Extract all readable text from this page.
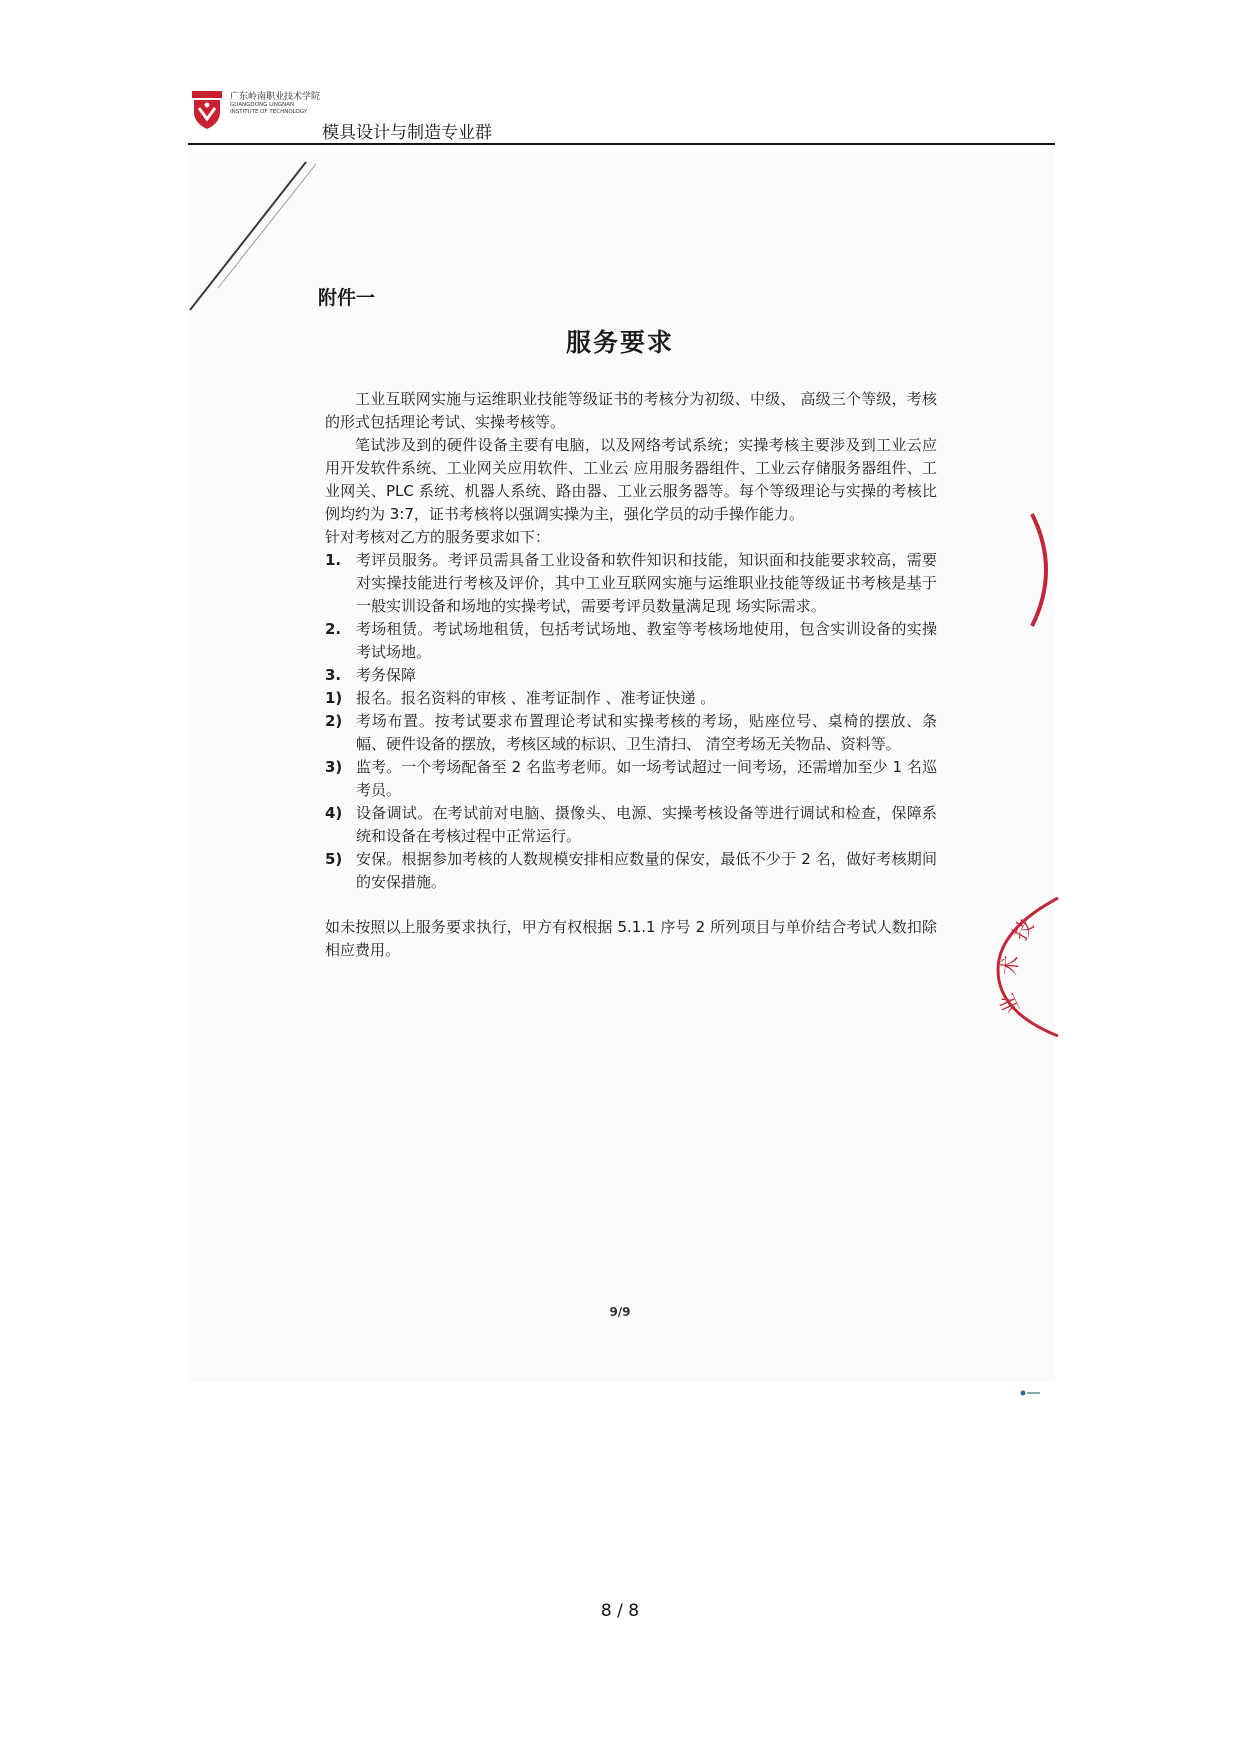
广东岭南职业技术学院
GUANGDONG LINGNAN
INSTITUTE OF TECHNOLOGY
模具设计与制造专业群
附件一
服务要求

工业互联网实施与运维职业技能等级证书的考核分为初级、中级、 高级三个等级，考核的形式包括理论考试、实操考核等。

笔试涉及到的硬件设备主要有电脑，以及网络考试系统；实操考核主要涉及到工业云应用开发软件系统、工业网关应用软件、工业云 应用服务器组件、工业云存储服务器组件、工业网关、PLC 系统、机器人系统、路由器、工业云服务器等。每个等级理论与实操的考核比例均约为 3:7，证书考核将以强调实操为主，强化学员的动手操作能力。

针对考核对乙方的服务要求如下：

1. 考评员服务。考评员需具备工业设备和软件知识和技能，知识面和技能要求较高，需要对实操技能进行考核及评价，其中工业互联网实施与运维职业技能等级证书考核是基于一般实训设备和场地的实操考试，需要考评员数量满足现 场实际需求。
2. 考场租赁。考试场地租赁，包括考试场地、教室等考核场地使用，包含实训设备的实操考试场地。
3. 考务保障
1) 报名。报名资料的审核 、准考证制作 、准考证快递 。
2) 考场布置。按考试要求布置理论考试和实操考核的考场，贴座位号、桌椅的摆放、条幅、硬件设备的摆放，考核区域的标识、卫生清扫、 清空考场无关物品、资料等。
3) 监考。一个考场配备至 2 名监考老师。如一场考试超过一间考场，还需增加至少 1 名巡考员。
4) 设备调试。在考试前对电脑、摄像头、电源、实操考核设备等进行调试和检查，保障系统和设备在考核过程中正常运行。
5) 安保。根据参加考核的人数规模安排相应数量的保安，最低不少于 2 名，做好考核期间的安保措施。

如未按照以上服务要求执行，甲方有权根据 5.1.1 序号 2 所列项目与单价结合考试人数扣除相应费用。

技
术
业
9/9
8 / 8
